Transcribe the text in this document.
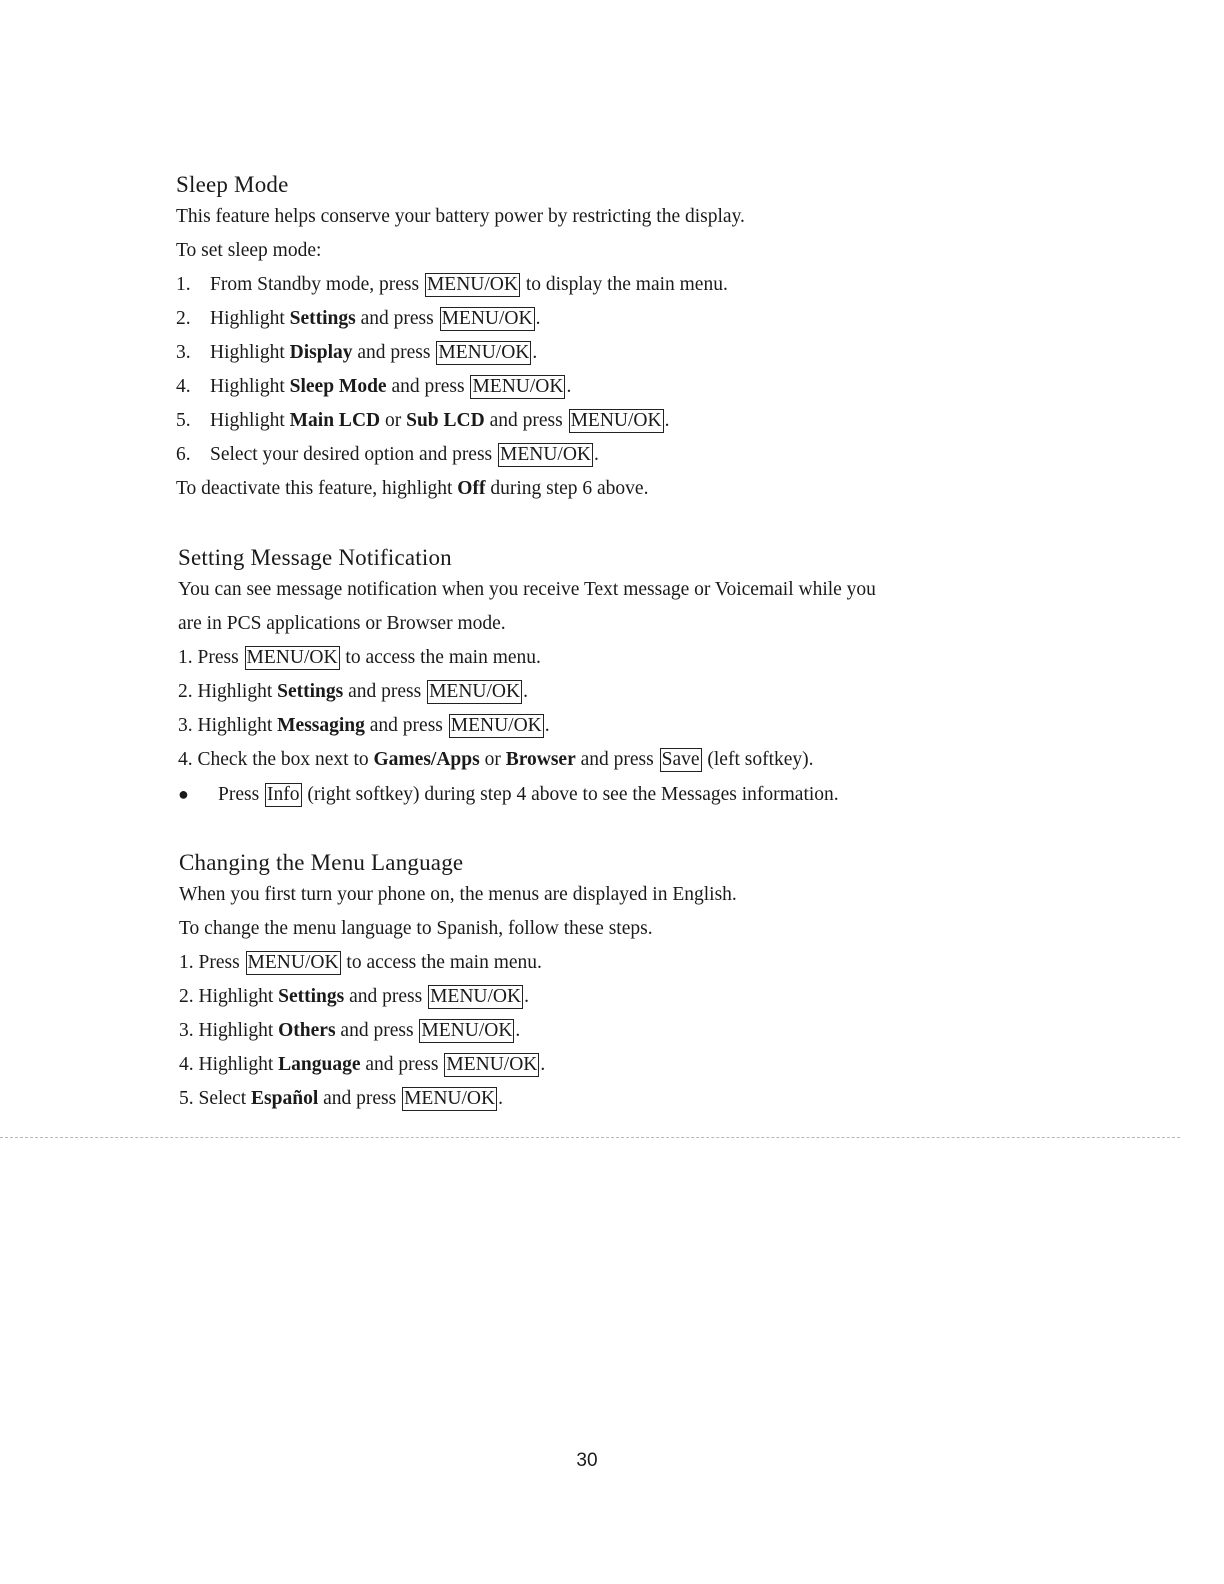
Sleep Mode
This feature helps conserve your battery power by restricting the display.
To set sleep mode:
1. From Standby mode, press MENU/OK to display the main menu.
2. Highlight Settings and press MENU/OK .
3. Highlight Display and press MENU/OK .
4. Highlight Sleep Mode and press MENU/OK .
5. Highlight Main LCD or Sub LCD and press MENU/OK .
6. Select your desired option and press MENU/OK .
To deactivate this feature, highlight Off during step 6 above.
Setting Message Notification
You can see message notification when you receive Text message or Voicemail while you
are in PCS applications or Browser mode.
1. Press MENU/OK to access the main menu.
2. Highlight Settings and press MENU/OK .
3. Highlight Messaging and press MENU/OK .
4. Check the box next to Games/Apps or Browser and press Save (left softkey).
● Press Info (right softkey) during step 4 above to see the Messages information.
Changing the Menu Language
When you first turn your phone on, the menus are displayed in English.
To change the menu language to Spanish, follow these steps.
1. Press MENU/OK to access the main menu.
2. Highlight Settings and press MENU/OK .
3. Highlight Others and press MENU/OK .
4. Highlight Language and press MENU/OK .
5. Select Español and press MENU/OK .
30
